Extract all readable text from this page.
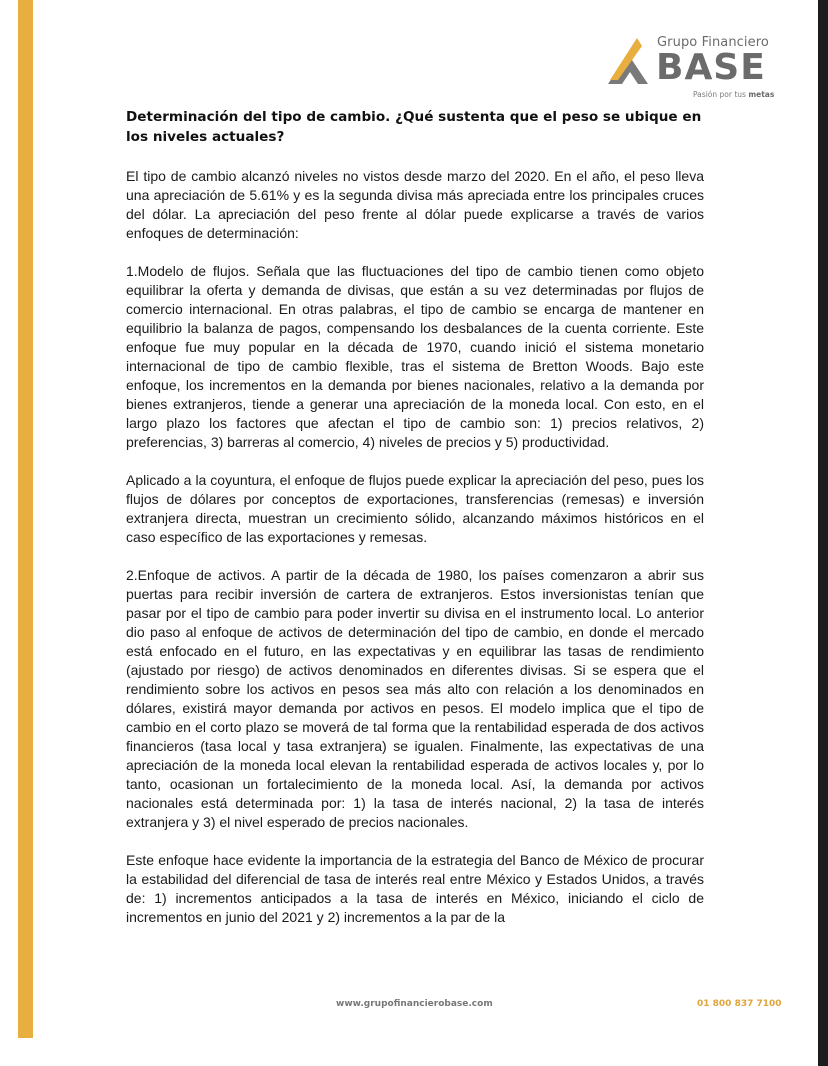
Grupo Financiero
BASE
Pasión por tus metas
Determinación del tipo de cambio. ¿Qué sustenta que el peso se ubique en los niveles actuales?

El tipo de cambio alcanzó niveles no vistos desde marzo del 2020. En el año, el peso lleva una apreciación de 5.61% y es la segunda divisa más apreciada entre los principales cruces del dólar. La apreciación del peso frente al dólar puede explicarse a través de varios enfoques de determinación:

1.Modelo de flujos. Señala que las fluctuaciones del tipo de cambio tienen como objeto equilibrar la oferta y demanda de divisas, que están a su vez determinadas por flujos de comercio internacional. En otras palabras, el tipo de cambio se encarga de mantener en equilibrio la balanza de pagos, compensando los desbalances de la cuenta corriente. Este enfoque fue muy popular en la década de 1970, cuando inició el sistema monetario internacional de tipo de cambio flexible, tras el sistema de Bretton Woods. Bajo este enfoque, los incrementos en la demanda por bienes nacionales, relativo a la demanda por bienes extranjeros, tiende a generar una apreciación de la moneda local. Con esto, en el largo plazo los factores que afectan el tipo de cambio son: 1) precios relativos, 2) preferencias, 3) barreras al comercio, 4) niveles de precios y 5) productividad.

Aplicado a la coyuntura, el enfoque de flujos puede explicar la apreciación del peso, pues los flujos de dólares por conceptos de exportaciones, transferencias (remesas) e inversión extranjera directa, muestran un crecimiento sólido, alcanzando máximos históricos en el caso específico de las exportaciones y remesas.

2.Enfoque de activos. A partir de la década de 1980, los países comenzaron a abrir sus puertas para recibir inversión de cartera de extranjeros. Estos inversionistas tenían que pasar por el tipo de cambio para poder invertir su divisa en el instrumento local. Lo anterior dio paso al enfoque de activos de determinación del tipo de cambio, en donde el mercado está enfocado en el futuro, en las expectativas y en equilibrar las tasas de rendimiento (ajustado por riesgo) de activos denominados en diferentes divisas. Si se espera que el rendimiento sobre los activos en pesos sea más alto con relación a los denominados en dólares, existirá mayor demanda por activos en pesos. El modelo implica que el tipo de cambio en el corto plazo se moverá de tal forma que la rentabilidad esperada de dos activos financieros (tasa local y tasa extranjera) se igualen. Finalmente, las expectativas de una apreciación de la moneda local elevan la rentabilidad esperada de activos locales y, por lo tanto, ocasionan un fortalecimiento de la moneda local. Así, la demanda por activos nacionales está determinada por: 1) la tasa de interés nacional, 2) la tasa de interés extranjera y 3) el nivel esperado de precios nacionales.

Este enfoque hace evidente la importancia de la estrategia del Banco de México de procurar la estabilidad del diferencial de tasa de interés real entre México y Estados Unidos, a través de: 1) incrementos anticipados a la tasa de interés en México, iniciando el ciclo de incrementos en junio del 2021 y 2) incrementos a la par de la

www.grupofinancierobase.com	01 800 837 7100
